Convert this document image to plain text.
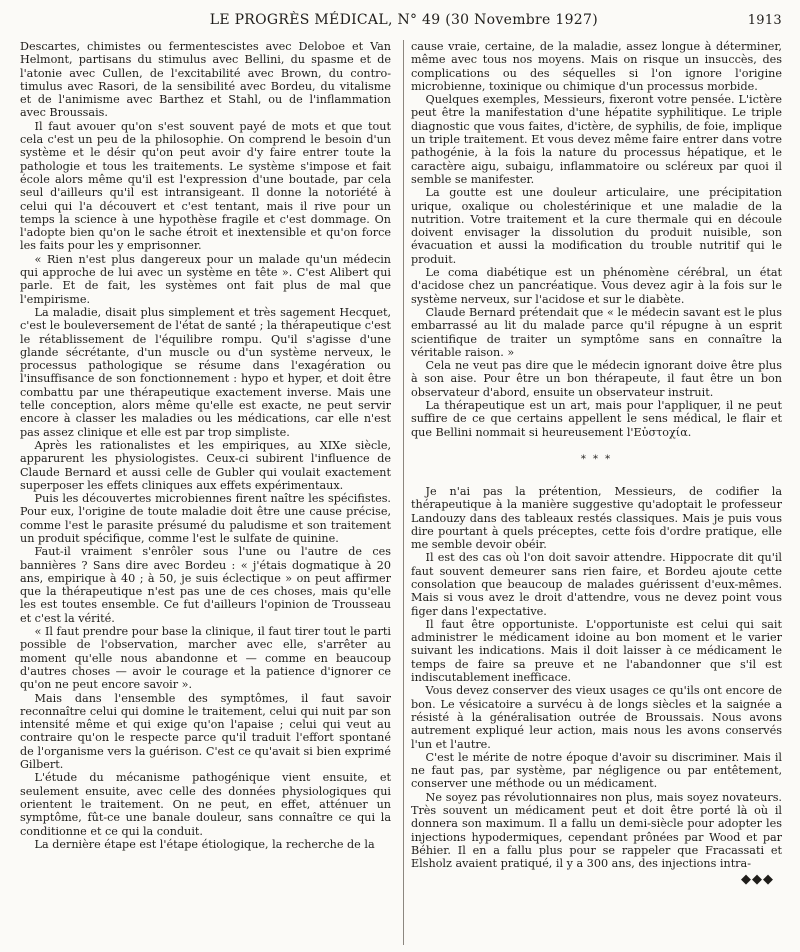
LE PROGRÈS MÉDICAL, N° 49 (30 Novembre 1927)	1913

Descartes, chimistes ou fermentescistes avec Deloboe et Van Helmont, partisans du stimulus avec Bellini, du spasme et de l'atonie avec Cullen, de l'excitabilité avec Brown, du contro-timulus avec Rasori, de la sensibilité avec Bordeu, du vitalisme et de l'animisme avec Barthez et Stahl, ou de l'inflammation avec Broussais.

Il faut avouer qu'on s'est souvent payé de mots et que tout cela c'est un peu de la philosophie. On comprend le besoin d'un système et le désir qu'on peut avoir d'y faire entrer toute la pathologie et tous les traitements. Le système s'impose et fait école alors même qu'il est l'expression d'une boutade, par cela seul d'ailleurs qu'il est intransigeant. Il donne la notoriété à celui qui l'a découvert et c'est tentant, mais il rive pour un temps la science à une hypothèse fragile et c'est dommage. On l'adopte bien qu'on le sache étroit et inextensible et qu'on force les faits pour les y emprisonner.

« Rien n'est plus dangereux pour un malade qu'un médecin qui approche de lui avec un système en tête ». C'est Alibert qui parle. Et de fait, les systèmes ont fait plus de mal que l'empirisme.

La maladie, disait plus simplement et très sagement Hecquet, c'est le bouleversement de l'état de santé ; la thérapeutique c'est le rétablissement de l'équilibre rompu. Qu'il s'agisse d'une glande sécrétante, d'un muscle ou d'un système nerveux, le processus pathologique se résume dans l'exagération ou l'insuffisance de son fonctionnement : hypo et hyper, et doit être combattu par une thérapeutique exactement inverse. Mais une telle conception, alors même qu'elle est exacte, ne peut servir encore à classer les maladies ou les médications, car elle n'est pas assez clinique et elle est par trop simpliste.

Après les rationalistes et les empiriques, au XIXe siècle, apparurent les physiologistes. Ceux-ci subirent l'influence de Claude Bernard et aussi celle de Gubler qui voulait exactement superposer les effets cliniques aux effets expérimentaux.

Puis les découvertes microbiennes firent naître les spécifistes. Pour eux, l'origine de toute maladie doit être une cause précise, comme l'est le parasite présumé du paludisme et son traitement un produit spécifique, comme l'est le sulfate de quinine.

Faut-il vraiment s'enrôler sous l'une ou l'autre de ces bannières ? Sans dire avec Bordeu : « j'étais dogmatique à 20 ans, empirique à 40 ; à 50, je suis éclectique » on peut affirmer que la thérapeutique n'est pas une de ces choses, mais qu'elle les est toutes ensemble. Ce fut d'ailleurs l'opinion de Trousseau et c'est la vérité.

« Il faut prendre pour base la clinique, il faut tirer tout le parti possible de l'observation, marcher avec elle, s'arrêter au moment qu'elle nous abandonne et — comme en beaucoup d'autres choses — avoir le courage et la patience d'ignorer ce qu'on ne peut encore savoir ».

Mais dans l'ensemble des symptômes, il faut savoir reconnaître celui qui domine le traitement, celui qui nuit par son intensité même et qui exige qu'on l'apaise ; celui qui veut au contraire qu'on le respecte parce qu'il traduit l'effort spontané de l'organisme vers la guérison. C'est ce qu'avait si bien exprimé Gilbert.

L'étude du mécanisme pathogénique vient ensuite, et seulement ensuite, avec celle des données physiologiques qui orientent le traitement. On ne peut, en effet, atténuer un symptôme, fût-ce une banale douleur, sans connaître ce qui la conditionne et ce qui la conduit.

La dernière étape est l'étape étiologique, la recherche de la

cause vraie, certaine, de la maladie, assez longue à déterminer, même avec tous nos moyens. Mais on risque un insuccès, des complications ou des séquelles si l'on ignore l'origine microbienne, toxinique ou chimique d'un processus morbide.

Quelques exemples, Messieurs, fixeront votre pensée. L'ictère peut être la manifestation d'une hépatite syphilitique. Le triple diagnostic que vous faites, d'ictère, de syphilis, de foie, implique un triple traitement. Et vous devez même faire entrer dans votre pathogénie, à la fois la nature du processus hépatique, et le caractère aigu, subaigu, inflammatoire ou scléreux par quoi il semble se manifester.

La goutte est une douleur articulaire, une précipitation urique, oxalique ou cholestérinique et une maladie de la nutrition. Votre traitement et la cure thermale qui en découle doivent envisager la dissolution du produit nuisible, son évacuation et aussi la modification du trouble nutritif qui le produit.

Le coma diabétique est un phénomène cérébral, un état d'acidose chez un pancréatique. Vous devez agir à la fois sur le système nerveux, sur l'acidose et sur le diabète.

Claude Bernard prétendait que « le médecin savant est le plus embarrassé au lit du malade parce qu'il répugne à un esprit scientifique de traiter un symptôme sans en connaître la véritable raison. »

Cela ne veut pas dire que le médecin ignorant doive être plus à son aise. Pour être un bon thérapeute, il faut être un bon observateur d'abord, ensuite un observateur instruit.

La thérapeutique est un art, mais pour l'appliquer, il ne peut suffire de ce que certains appellent le sens médical, le flair et que Bellini nommait si heureusement l'Εὐστοχία.

* * *

Je n'ai pas la prétention, Messieurs, de codifier la thérapeutique à la manière suggestive qu'adoptait le professeur Landouzy dans des tableaux restés classiques. Mais je puis vous dire pourtant à quels préceptes, cette fois d'ordre pratique, elle me semble devoir obéir.

Il est des cas où l'on doit savoir attendre. Hippocrate dit qu'il faut souvent demeurer sans rien faire, et Bordeu ajoute cette consolation que beaucoup de malades guérissent d'eux-mêmes. Mais si vous avez le droit d'attendre, vous ne devez point vous figer dans l'expectative.

Il faut être opportuniste. L'opportuniste est celui qui sait administrer le médicament idoine au bon moment et le varier suivant les indications. Mais il doit laisser à ce médicament le temps de faire sa preuve et ne l'abandonner que s'il est indiscutablement inefficace.

Vous devez conserver des vieux usages ce qu'ils ont encore de bon. Le vésicatoire a survécu à de longs siècles et la saignée a résisté à la généralisation outrée de Broussais. Nous avons autrement expliqué leur action, mais nous les avons conservés l'un et l'autre.

C'est le mérite de notre époque d'avoir su discriminer. Mais il ne faut pas, par système, par négligence ou par entêtement, conserver une méthode ou un médicament.

Ne soyez pas révolutionnaires non plus, mais soyez novateurs. Très souvent un médicament peut et doit être porté là où il donnera son maximum. Il a fallu un demi-siècle pour adopter les injections hypodermiques, cependant prônées par Wood et par Béhier. Il en a fallu plus pour se rappeler que Fracassati et Elsholz avaient pratiqué, il y a 300 ans, des injections intra-

◆◆◆
